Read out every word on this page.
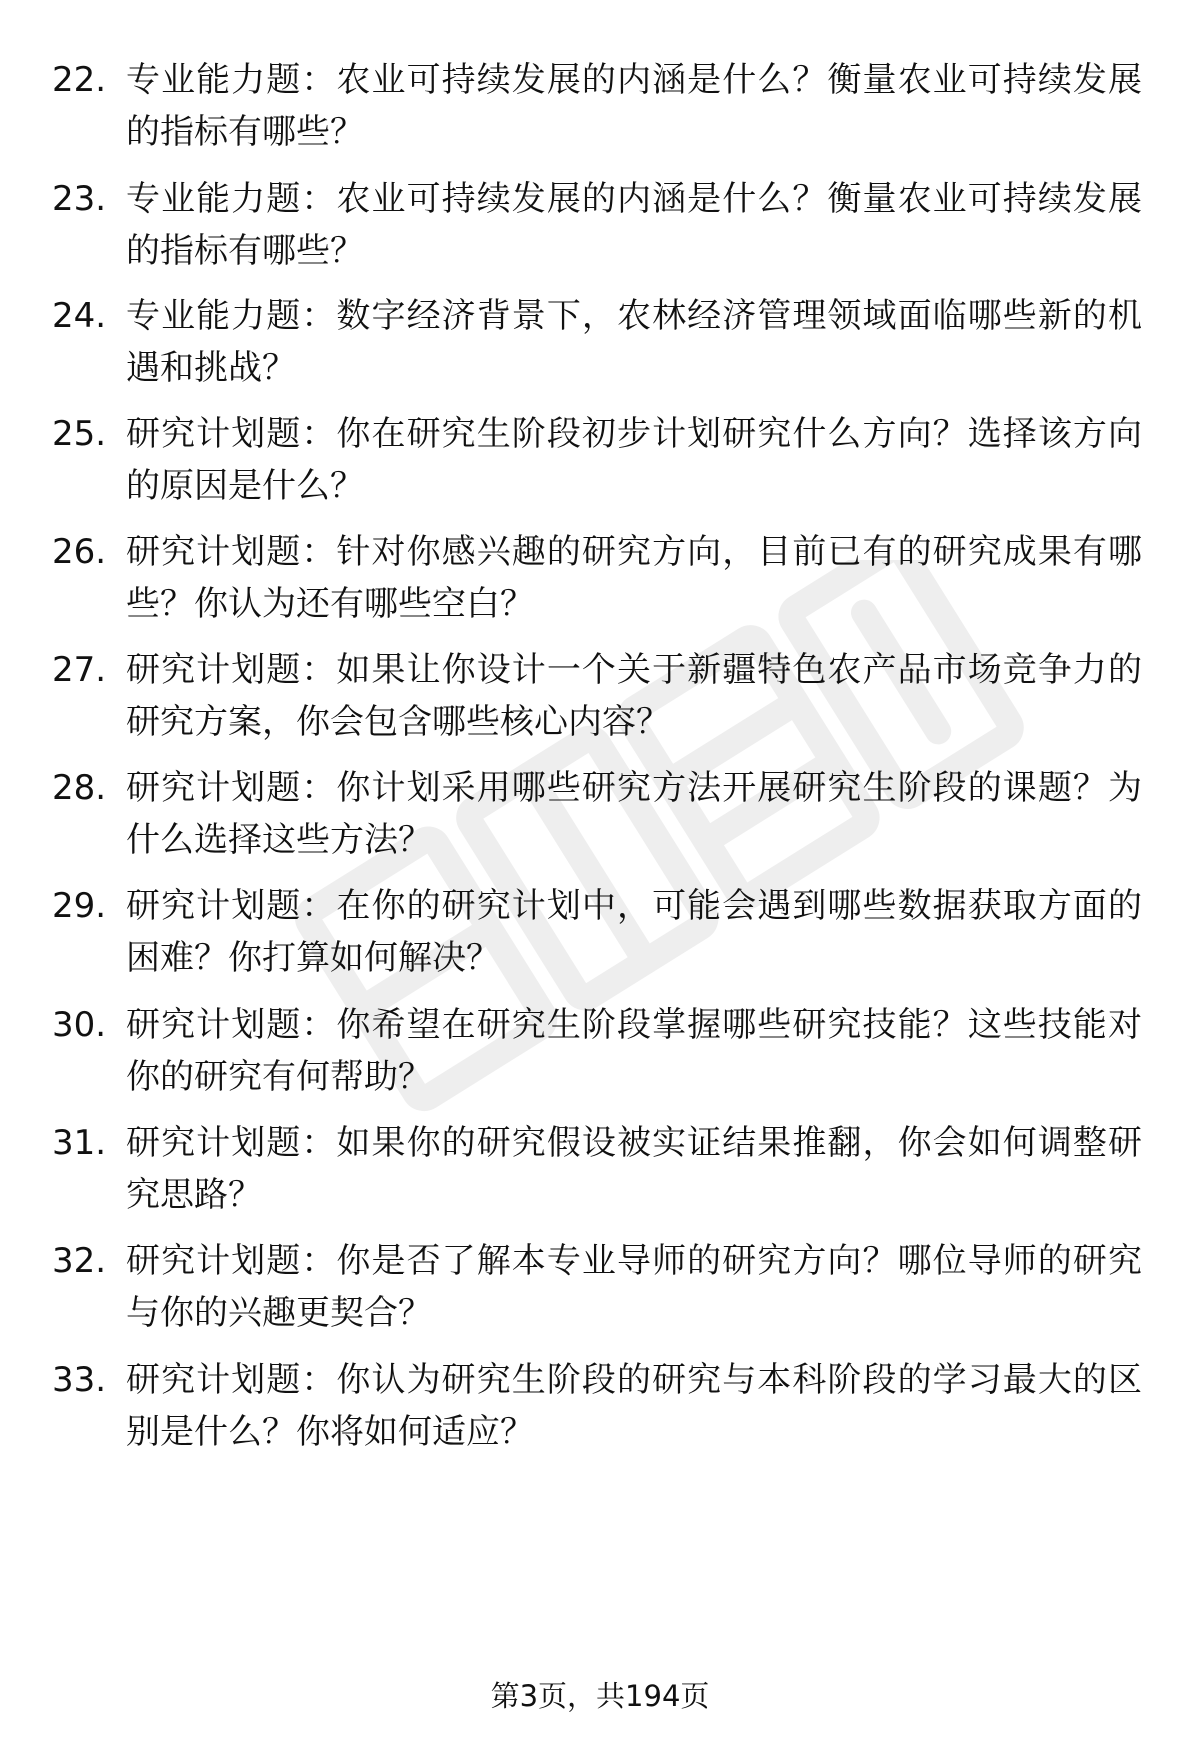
22. 专业能力题：农业可持续发展的内涵是什么？衡量农业可持续发展的指标有哪些？
23. 专业能力题：农业可持续发展的内涵是什么？衡量农业可持续发展的指标有哪些？
24. 专业能力题：数字经济背景下，农林经济管理领域面临哪些新的机遇和挑战？
25. 研究计划题：你在研究生阶段初步计划研究什么方向？选择该方向的原因是什么？
26. 研究计划题：针对你感兴趣的研究方向，目前已有的研究成果有哪些？你认为还有哪些空白？
27. 研究计划题：如果让你设计一个关于新疆特色农产品市场竞争力的研究方案，你会包含哪些核心内容？
28. 研究计划题：你计划采用哪些研究方法开展研究生阶段的课题？为什么选择这些方法？
29. 研究计划题：在你的研究计划中，可能会遇到哪些数据获取方面的困难？你打算如何解决？
30. 研究计划题：你希望在研究生阶段掌握哪些研究技能？这些技能对你的研究有何帮助？
31. 研究计划题：如果你的研究假设被实证结果推翻，你会如何调整研究思路？
32. 研究计划题：你是否了解本专业导师的研究方向？哪位导师的研究与你的兴趣更契合？
33. 研究计划题：你认为研究生阶段的研究与本科阶段的学习最大的区别是什么？你将如何适应？
第3页，共194页
